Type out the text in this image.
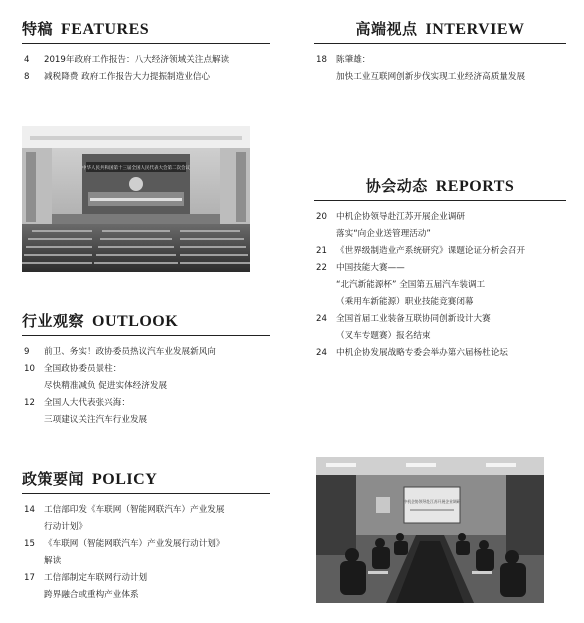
特稿 FEATURES
4	2019年政府工作报告：八大经济领域关注点解读
8	减税降费 政府工作报告大力提振制造业信心
高端视点 INTERVIEW
18	陈肇雄：
加快工业互联网创新步伐实现工业经济高质量发展
中华人民共和国第十三届全国人民代表大会第二次会议
协会动态 REPORTS
20	中机企协领导赴江苏开展企业调研
落实“向企业送管理活动”
21	《世界级制造业产系统研究》课题论证分析会召开
22	中国技能大赛——
“北汽新能源杯” 全国第五届汽车装调工
（乘用车新能源）职业技能竞赛闭幕
24	全国首届工业装备互联协同创新设计大赛
（叉车专题赛）报名结束
24	中机企协发展战略专委会举办第六届杨杜论坛
行业观察 OUTLOOK
9	前卫、务实！政协委员热议汽车业发展新风向
10	全国政协委员景柱：
尽快精准减负 促进实体经济发展
12	全国人大代表张兴海：
三项建议关注汽车行业发展
政策要闻 POLICY
14	工信部印发《车联网（智能网联汽车）产业发展
行动计划》
15	《车联网（智能网联汽车）产业发展行动计划》
解读
17	工信部制定车联网行动计划
跨界融合或重构产业体系
中机企协领导赴江苏开展企业调研
